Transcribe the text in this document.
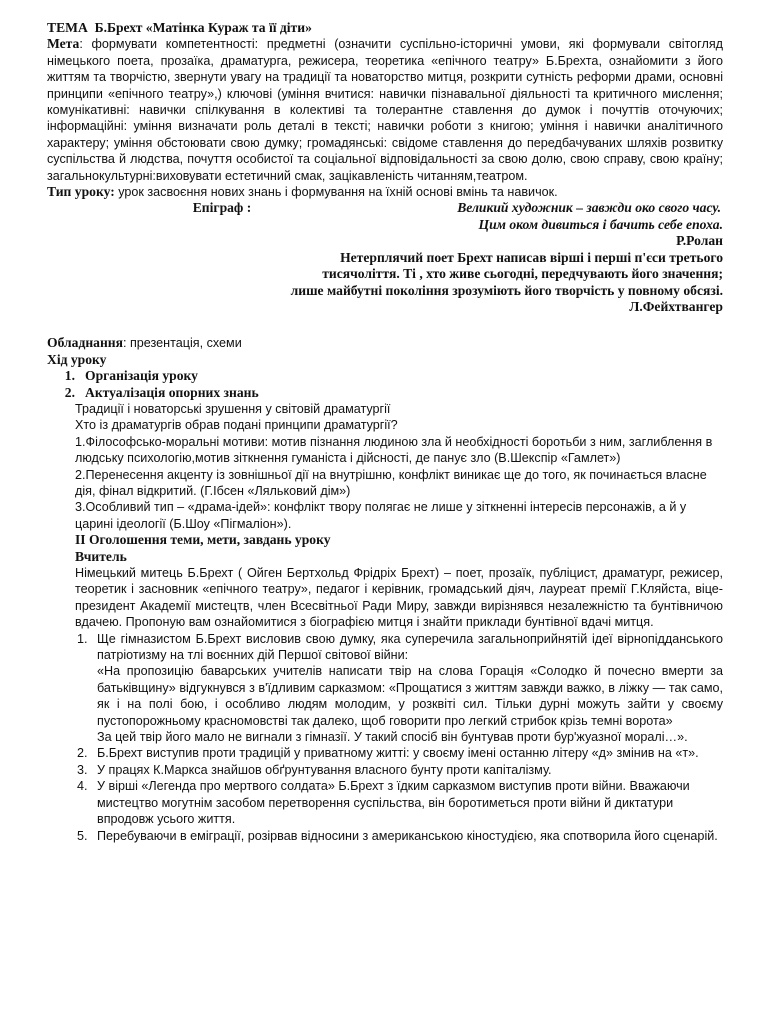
ТЕМА Б.Брехт «Матінка Кураж та її діти»

Мета: формувати компетентності: предметні (означити суспільно-історичні умови, які формували світогляд німецького поета, прозаїка, драматурга, режисера, теоретика «епічного театру» Б.Брехта, ознайомити з його життям та творчістю, звернути увагу на традиції та новаторство митця, розкрити сутність реформи драми, основні принципи «епічного театру»,) ключові (уміння вчитися: навички пізнавальної діяльності та критичного мислення; комунікативні: навички спілкування в колективі та толерантне ставлення до думок і почуттів оточуючих; інформаційні: уміння визначати роль деталі в тексті; навички роботи з книгою; уміння і навички аналітичного характеру; уміння обстоювати свою думку; громадянські: свідоме ставлення до передбачуваних шляхів розвитку суспільства й людства, почуття особистої та соціальної відповідальності за свою долю, свою справу, свою країну; загальнокультурні:виховувати естетичний смак, зацікавленість читанням,театром.

Тип уроку: урок засвоєння нових знань і формування на їхній основі вмінь та навичок.

Епіграф :	Великий художник – завжди око свого часу.

Цим оком дивиться і бачить себе епоха.

Р.Ролан

Нетерплячий поет Брехт написав вірші і перші п'єси третього

тисячоліття. Ті , хто живе сьогодні, передчувають його значення;

лише майбутні покоління зрозуміють його творчість у повному обсязі.

Л.Фейхтвангер

Обладнання: презентація, схеми

Хід уроку

1. Організація уроку
2. Актуалізація опорних знань

Традиції і новаторські зрушення у світовій драматургії

Хто із драматургів обрав подані принципи драматургії?

1.Філософсько-моральні мотиви: мотив пізнання людиною зла й необхідності боротьби з ним, заглиблення в людську психологію,мотив зіткнення гуманіста і дійсності, де панує зло (В.Шекспір «Гамлет»)

2.Перенесення акценту із зовнішньої дії на внутрішню, конфлікт виникає ще до того, як починається власне дія, фінал відкритий. (Г.Ібсен «Ляльковий дім»)

3.Особливий тип – «драма-ідей»: конфлікт твору полягає не лише у зіткненні інтересів персонажів, а й у царині ідеології (Б.Шоу «Пігмаліон»).

ІІ Оголошення теми, мети, завдань уроку

Вчитель

Німецький митець Б.Брехт ( Ойген Бертхольд Фрідріх Брехт) – поет, прозаїк, публіцист, драматург, режисер, теоретик і засновник «епічного театру», педагог і керівник, громадський діяч, лауреат премії Г.Кляйста, віце-президент Академії мистецтв, член Всесвітньої Ради Миру, завжди вирізнявся незалежністю та бунтівничою вдачею. Пропоную вам ознайомитися з біографією митця і знайти приклади бунтівної вдачі митця.

1. Ще гімназистом Б.Брехт висловив свою думку, яка суперечила загальноприйнятій ідеї вірнопідданського патріотизму на тлі воєнних дій Першої світової війни:
«На пропозицію баварських учителів написати твір на слова Горація «Солодко й почесно вмерти за батьківщину» відгукнувся з в'їдливим сарказмом: «Прощатися з життям завжди важко, в ліжку — так само, як і на полі бою, і особливо людям молодим, у розквіті сил. Тільки дурні можуть зайти у своєму пустопорожньому красномовстві так далеко, щоб говорити про легкий стрибок крізь темні ворота»
За цей твір його мало не вигнали з гімназії. У такий спосіб він бунтував проти бур'жуазної моралі…».
2. Б.Брехт виступив проти традицій у приватному житті: у своєму імені останню літеру «д» змінив на «т».
3. У працях К.Маркса знайшов обґрунтування власного бунту проти капіталізму.
4. У вірші «Легенда про мертвого солдата» Б.Брехт з їдким сарказмом виступив проти війни. Вважаючи мистецтво могутнім засобом перетворення суспільства, він боротиметься проти війни й диктатури впродовж усього життя.
5. Перебуваючи в еміграції, розірвав відносини з американською кіностудією, яка спотворила його сценарій.
